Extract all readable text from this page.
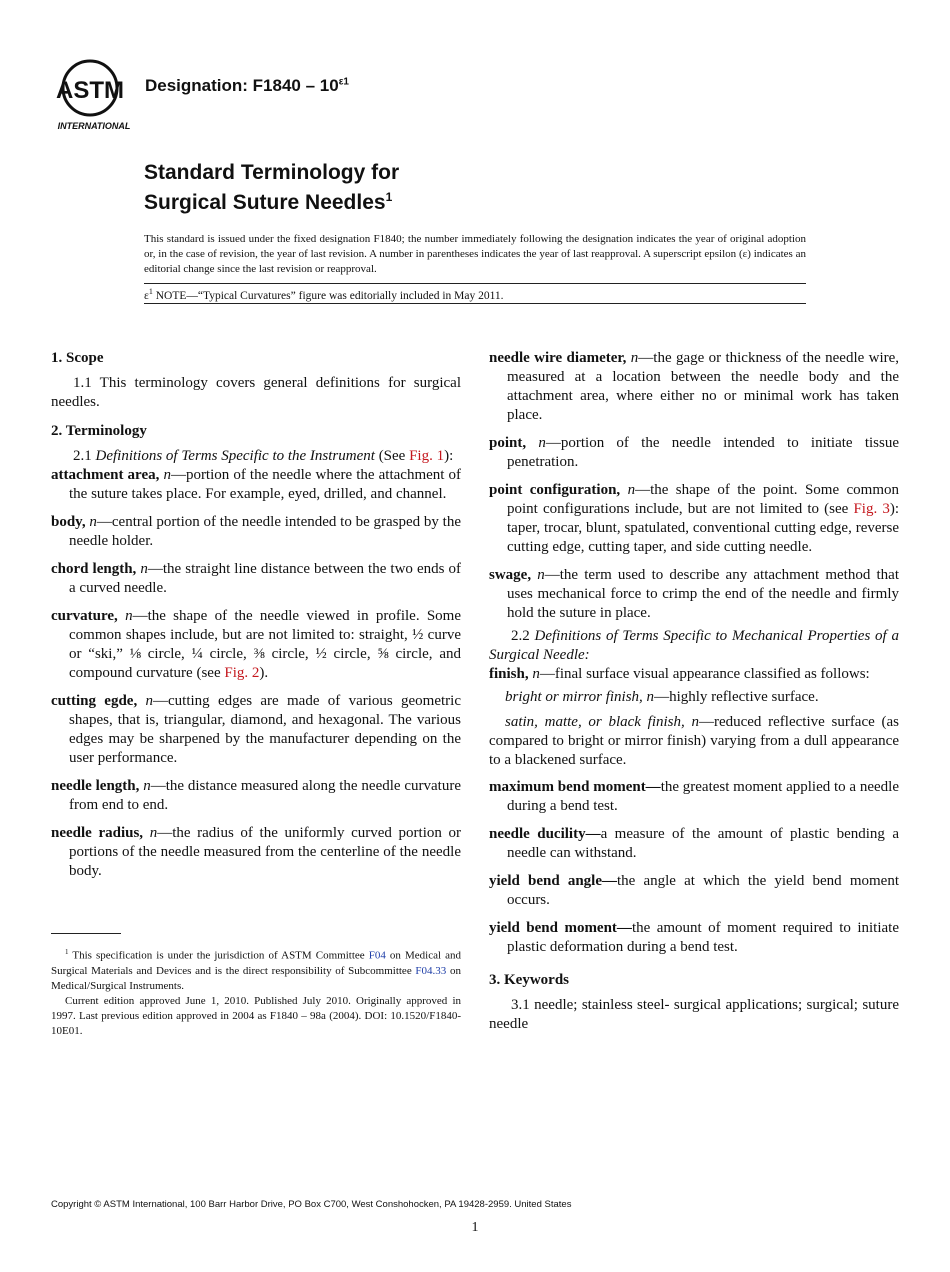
ASTM
INTERNATIONAL
Designation: $F1840 - 10^{\varepsilon 1}$
Standard Terminology for
Surgical Suture Needles$^1$
This standard is issued under the fixed designation F1840; the number immediately following the designation indicates the year of original adoption or, in the case of revision, the year of last revision. A number in parentheses indicates the year of last reapproval. A superscript epsilon (ε) indicates an editorial change since the last revision or reapproval.
$\varepsilon^1$ NOTE—“Typical Curvatures” figure was editorially included in May 2011.
1. Scope
1.1 This terminology covers general definitions for surgical needles.
2. Terminology
2.1 Definitions of Terms Specific to the Instrument (See Fig. 1):
attachment area, n—portion of the needle where the attachment of the suture takes place. For example, eyed, drilled, and channel.
body, n—central portion of the needle intended to be grasped by the needle holder.
chord length, n—the straight line distance between the two ends of a curved needle.
curvature, n—the shape of the needle viewed in profile. Some common shapes include, but are not limited to: straight, ½ curve or “ski,” ⅛ circle, ¼ circle, ⅜ circle, ½ circle, ⅝ circle, and compound curvature (see Fig. 2).
cutting egde, n—cutting edges are made of various geometric shapes, that is, triangular, diamond, and hexagonal. The various edges may be sharpened by the manufacturer depending on the user performance.
needle length, n—the distance measured along the needle curvature from end to end.
needle radius, n—the radius of the uniformly curved portion or portions of the needle measured from the centerline of the needle body.

$^1$ This specification is under the jurisdiction of ASTM Committee F04 on Medical and Surgical Materials and Devices and is the direct responsibility of Subcommittee F04.33 on Medical/Surgical Instruments.

Current edition approved June 1, 2010. Published July 2010. Originally approved in 1997. Last previous edition approved in 2004 as F1840 – 98a (2004). DOI: 10.1520/F1840-10E01.

needle wire diameter, n—the gage or thickness of the needle wire, measured at a location between the needle body and the attachment area, where either no or minimal work has taken place.
point, n—portion of the needle intended to initiate tissue penetration.
point configuration, n—the shape of the point. Some common point configurations include, but are not limited to (see Fig. 3): taper, trocar, blunt, spatulated, conventional cutting edge, reverse cutting edge, cutting taper, and side cutting needle.
swage, n—the term used to describe any attachment method that uses mechanical force to crimp the end of the needle and firmly hold the suture in place.
2.2 Definitions of Terms Specific to Mechanical Properties of a Surgical Needle:
finish, n—final surface visual appearance classified as follows:
bright or mirror finish, n—highly reflective surface.
satin, matte, or black finish, n—reduced reflective surface (as compared to bright or mirror finish) varying from a dull appearance to a blackened surface.
maximum bend moment—the greatest moment applied to a needle during a bend test.
needle ducility—a measure of the amount of plastic bending a needle can withstand.
yield bend angle—the angle at which the yield bend moment occurs.
yield bend moment—the amount of moment required to initiate plastic deformation during a bend test.
3. Keywords
3.1 needle; stainless steel- surgical applications; surgical; suture needle
Copyright © ASTM International, 100 Barr Harbor Drive, PO Box C700, West Conshohocken, PA 19428-2959. United States
1
